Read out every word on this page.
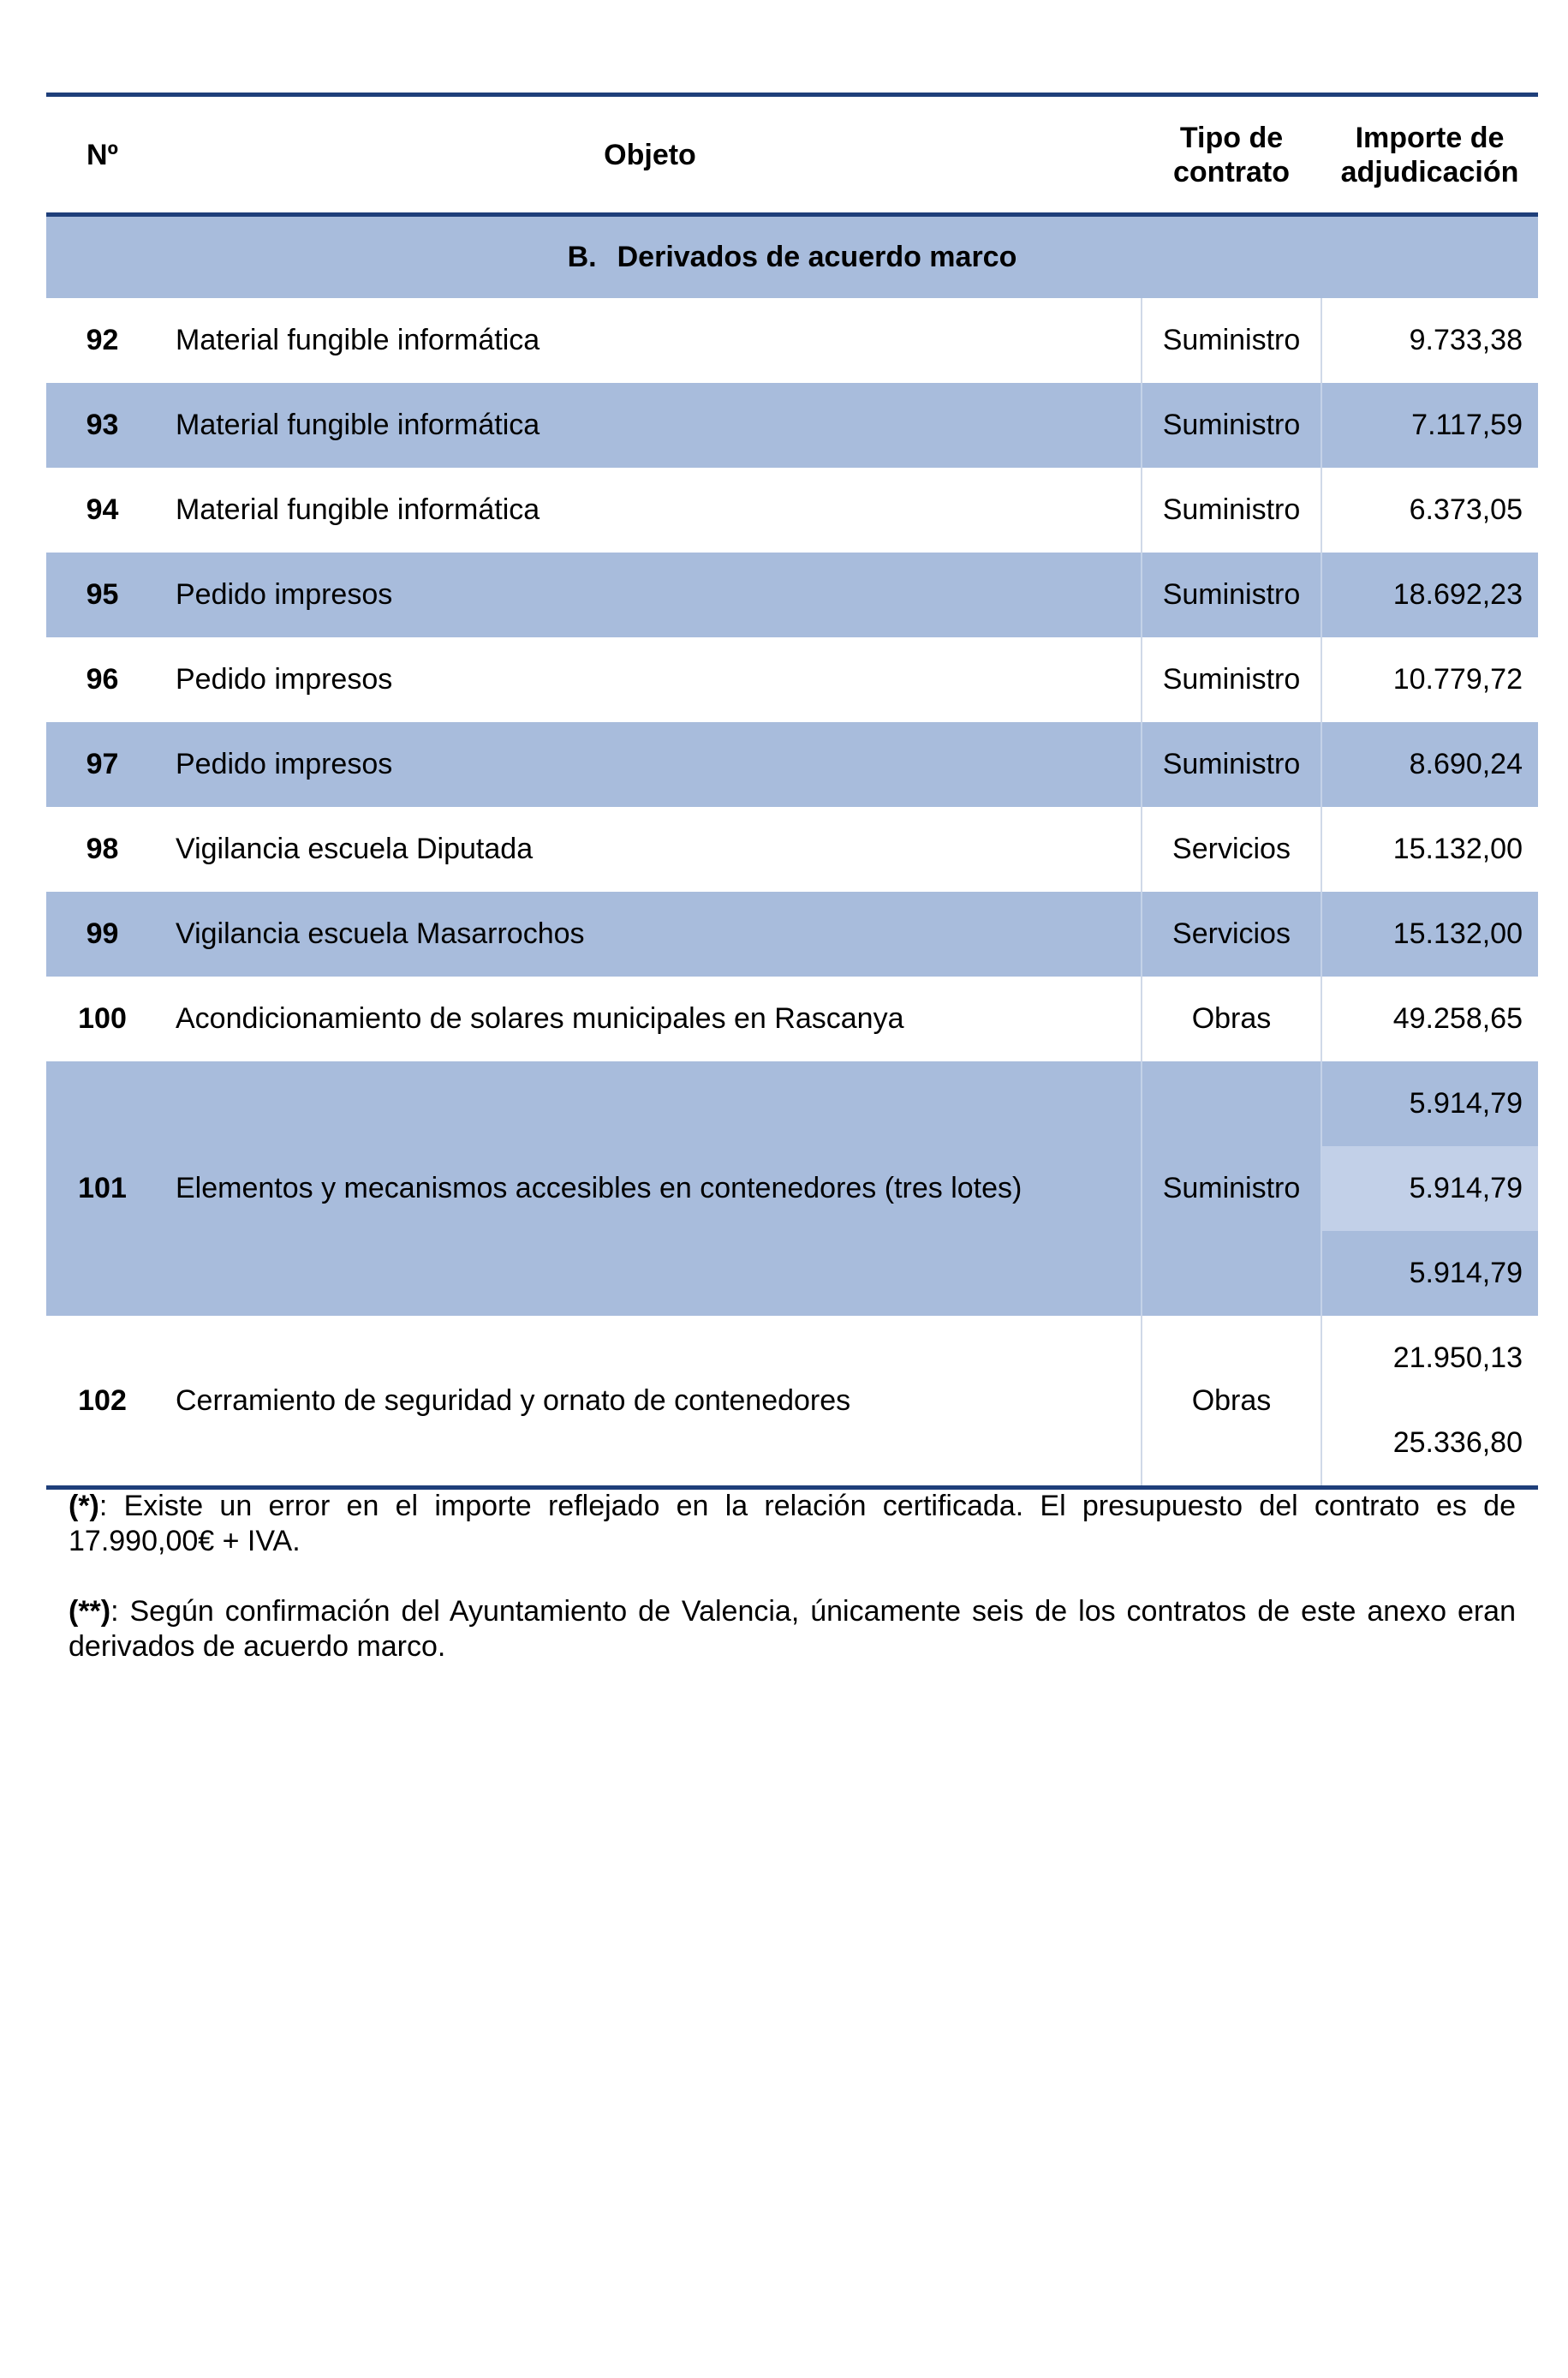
Nº	Objeto	Tipo de contrato	Importe de adjudicación
B. Derivados de acuerdo marco			
92	Material fungible informática	Suministro	9.733,38
93	Material fungible informática	Suministro	7.117,59
94	Material fungible informática	Suministro	6.373,05
95	Pedido impresos	Suministro	18.692,23
96	Pedido impresos	Suministro	10.779,72
97	Pedido impresos	Suministro	8.690,24
98	Vigilancia escuela Diputada	Servicios	15.132,00
99	Vigilancia escuela Masarrochos	Servicios	15.132,00
100	Acondicionamiento de solares municipales en Rascanya	Obras	49.258,65
101	Elementos y mecanismos accesibles en contenedores (tres lotes)	Suministro	5.914,79
5.914,79
5.914,79

102	Cerramiento de seguridad y ornato de contenedores	Obras	21.950,13
25.336,80

(*): Existe un error en el importe reflejado en la relación certificada. El presupuesto del contrato es de 17.990,00€ + IVA.

(**): Según confirmación del Ayuntamiento de Valencia, únicamente seis de los contratos de este anexo eran derivados de acuerdo marco.
